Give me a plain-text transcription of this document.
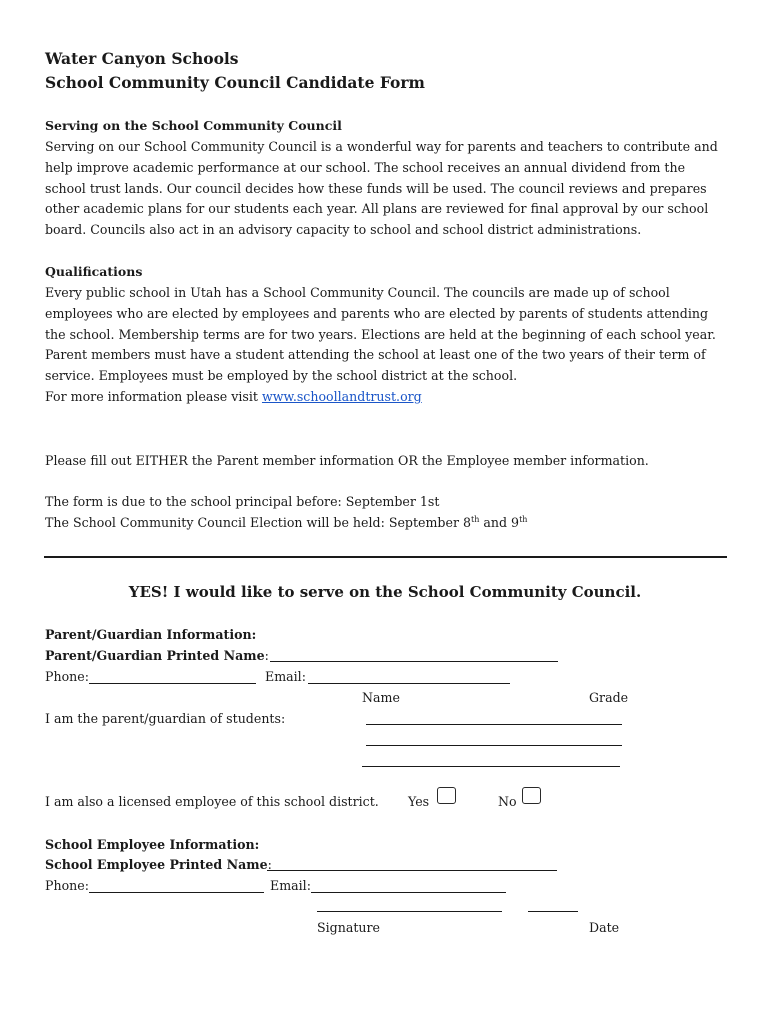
Water Canyon Schools
School Community Council Candidate Form
Serving on the School Community Council
Serving on our School Community Council is a wonderful way for parents and teachers to contribute and
help improve academic performance at our school. The school receives an annual dividend from the
school trust lands. Our council decides how these funds will be used. The council reviews and prepares
other academic plans for our students each year. All plans are reviewed for final approval by our school
board. Councils also act in an advisory capacity to school and school district administrations.
Qualifications
Every public school in Utah has a School Community Council. The councils are made up of school
employees who are elected by employees and parents who are elected by parents of students attending
the school. Membership terms are for two years. Elections are held at the beginning of each school year.
Parent members must have a student attending the school at least one of the two years of their term of
service. Employees must be employed by the school district at the school.
For more information please visit www.schoollandtrust.org
Please fill out EITHER the Parent member information OR the Employee member information.
The form is due to the school principal before: September 1st
The School Community Council Election will be held: September 8th and 9th
YES! I would like to serve on the School Community Council.
Parent/Guardian Information:
Parent/Guardian Printed Name:
Phone:	Email:
Name	Grade
I am the parent/guardian of students:
I am also a licensed employee of this school district. Yes	No
School Employee Information:
School Employee Printed Name:
Phone:	Email:
Signature	Date
